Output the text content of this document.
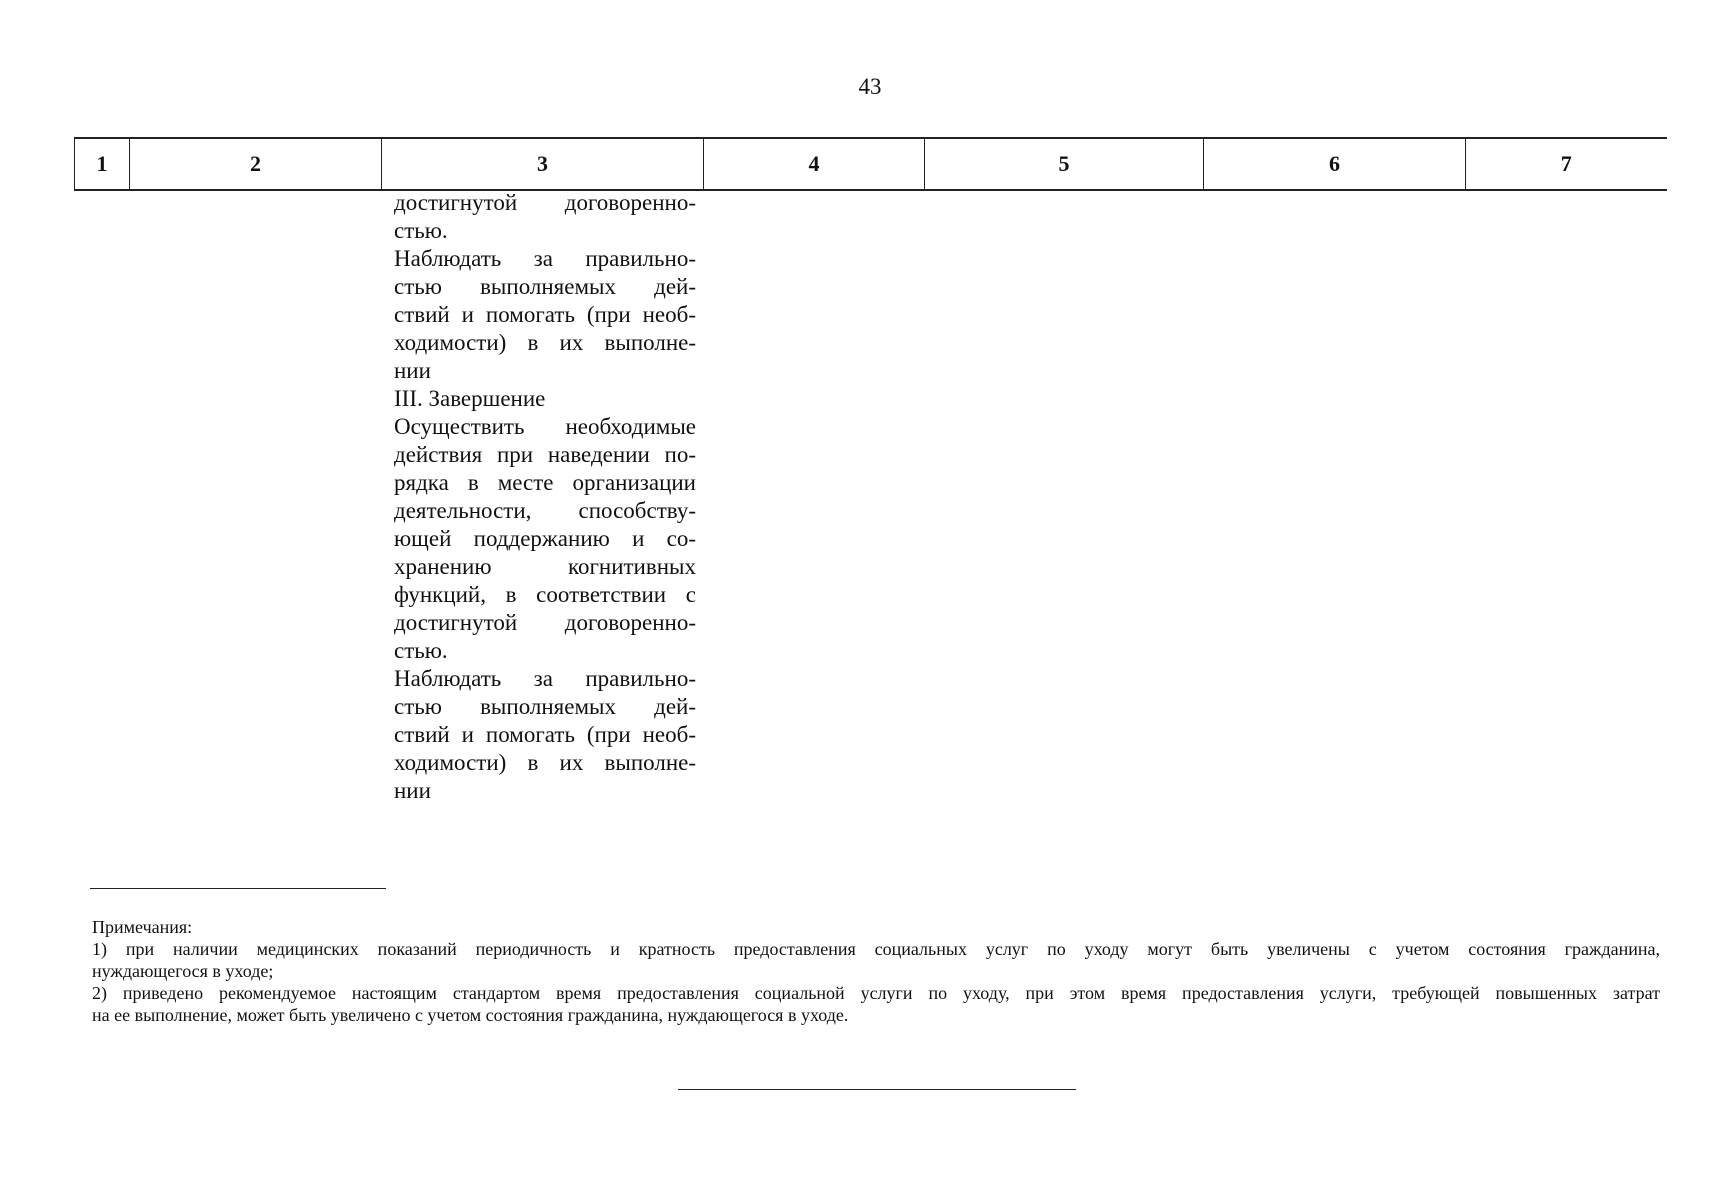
43
1	2	3	4	5	6	7
достигнутой договоренно-
стью.
Наблюдать за правильно-
стью выполняемых дей-
ствий и помогать (при необ-
ходимости) в их выполне-
нии
III. Завершение
Осуществить необходимые
действия при наведении по-
рядка в месте организации
деятельности, способству-
ющей поддержанию и со-
хранению когнитивных
функций, в соответствии с
достигнутой договоренно-
стью.
Наблюдать за правильно-
стью выполняемых дей-
ствий и помогать (при необ-
ходимости) в их выполне-
нии
Примечания:
1) при наличии медицинских показаний периодичность и кратность предоставления социальных услуг по уходу могут быть увеличены с учетом состояния гражданина,
нуждающегося в уходе;
2) приведено рекомендуемое настоящим стандартом время предоставления социальной услуги по уходу, при этом время предоставления услуги, требующей повышенных затрат
на ее выполнение, может быть увеличено с учетом состояния гражданина, нуждающегося в уходе.
